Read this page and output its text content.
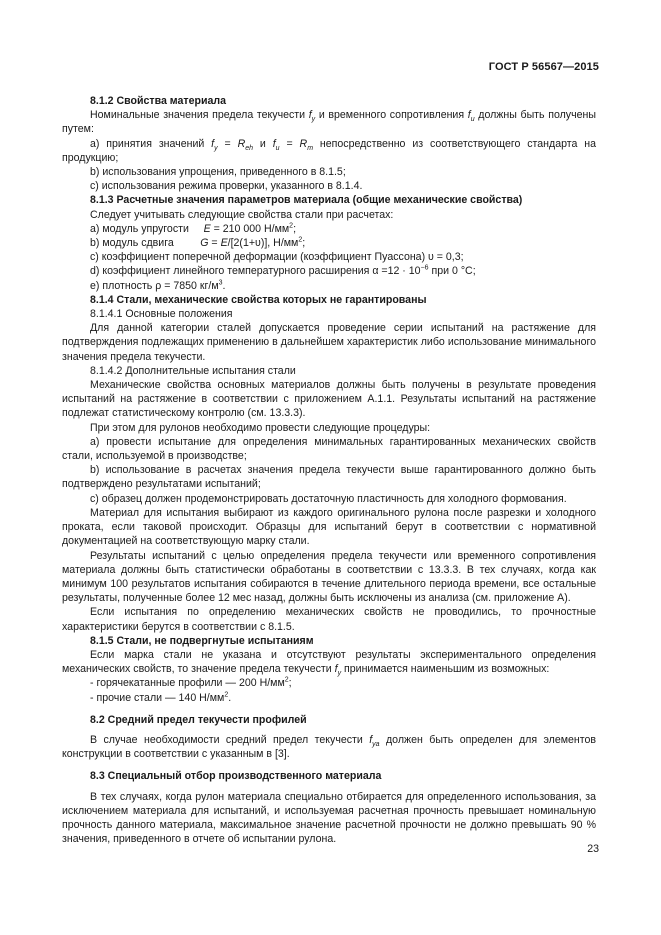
ГОСТ Р 56567—2015

8.1.2 Свойства материала

Номинальные значения предела текучести $f_y$ и временного сопротивления $f_u$ должны быть получены путем:

a) принятия значений $f_y = R_{eh}$ и $f_u = R_m$ непосредственно из соответствующего стандарта на продукцию;

b) использования упрощения, приведенного в 8.1.5;

c) использования режима проверки, указанного в 8.1.4.

8.1.3 Расчетные значения параметров материала (общие механические свойства)

Следует учитывать следующие свойства стали при расчетах:

a) модуль упругости     E = 210 000 $Н/мм^2$;

b) модуль сдвига         G = E/[2(1+υ)], $Н/мм^2$;

c) коэффициент поперечной деформации (коэффициент Пуассона) υ = 0,3;

d) коэффициент линейного температурного расширения $\alpha =12 \cdot 10^{-6}$ при 0 °С;

e) плотность ρ = 7850 $кг/м^3$.

8.1.4 Стали, механические свойства которых не гарантированы

8.1.4.1 Основные положения

Для данной категории сталей допускается проведение серии испытаний на растяжение для подтверждения подлежащих применению в дальнейшем характеристик либо использование минимального значения предела текучести.

8.1.4.2 Дополнительные испытания стали

Механические свойства основных материалов должны быть получены в результате проведения испытаний на растяжение в соответствии с приложением А.1.1. Результаты испытаний на растяжение подлежат статистическому контролю (см. 13.3.3).

При этом для рулонов необходимо провести следующие процедуры:

a) провести испытание для определения минимальных гарантированных механических свойств стали, используемой в производстве;

b) использование в расчетах значения предела текучести выше гарантированного должно быть подтверждено результатами испытаний;

c) образец должен продемонстрировать достаточную пластичность для холодного формования.

Материал для испытания выбирают из каждого оригинального рулона после разрезки и холодного проката, если таковой происходит. Образцы для испытаний берут в соответствии с нормативной документацией на соответствующую марку стали.

Результаты испытаний с целью определения предела текучести или временного сопротивления материала должны быть статистически обработаны в соответствии с 13.3.3. В тех случаях, когда как минимум 100 результатов испытания собираются в течение длительного периода времени, все остальные результаты, полученные более 12 мес назад, должны быть исключены из анализа (см. приложение А).

Если испытания по определению механических свойств не проводились, то прочностные характеристики берутся в соответствии с 8.1.5.

8.1.5 Стали, не подвергнутые испытаниям

Если марка стали не указана и отсутствуют результаты экспериментального определения механических свойств, то значение предела текучести $f_y$ принимается наименьшим из возможных:

- горячекатанные профили — 200 $Н/мм^2$;

- прочие стали — 140 $Н/мм^2$.

8.2 Средний предел текучести профилей

В случае необходимости средний предел текучести $f_{ya}$ должен быть определен для элементов конструкции в соответствии с указанным в [3].

8.3 Специальный отбор производственного материала

В тех случаях, когда рулон материала специально отбирается для определенного использования, за исключением материала для испытаний, и используемая расчетная прочность превышает номинальную прочность данного материала, максимальное значение расчетной прочности не должно превышать 90 % значения, приведенного в отчете об испытании рулона.

23
